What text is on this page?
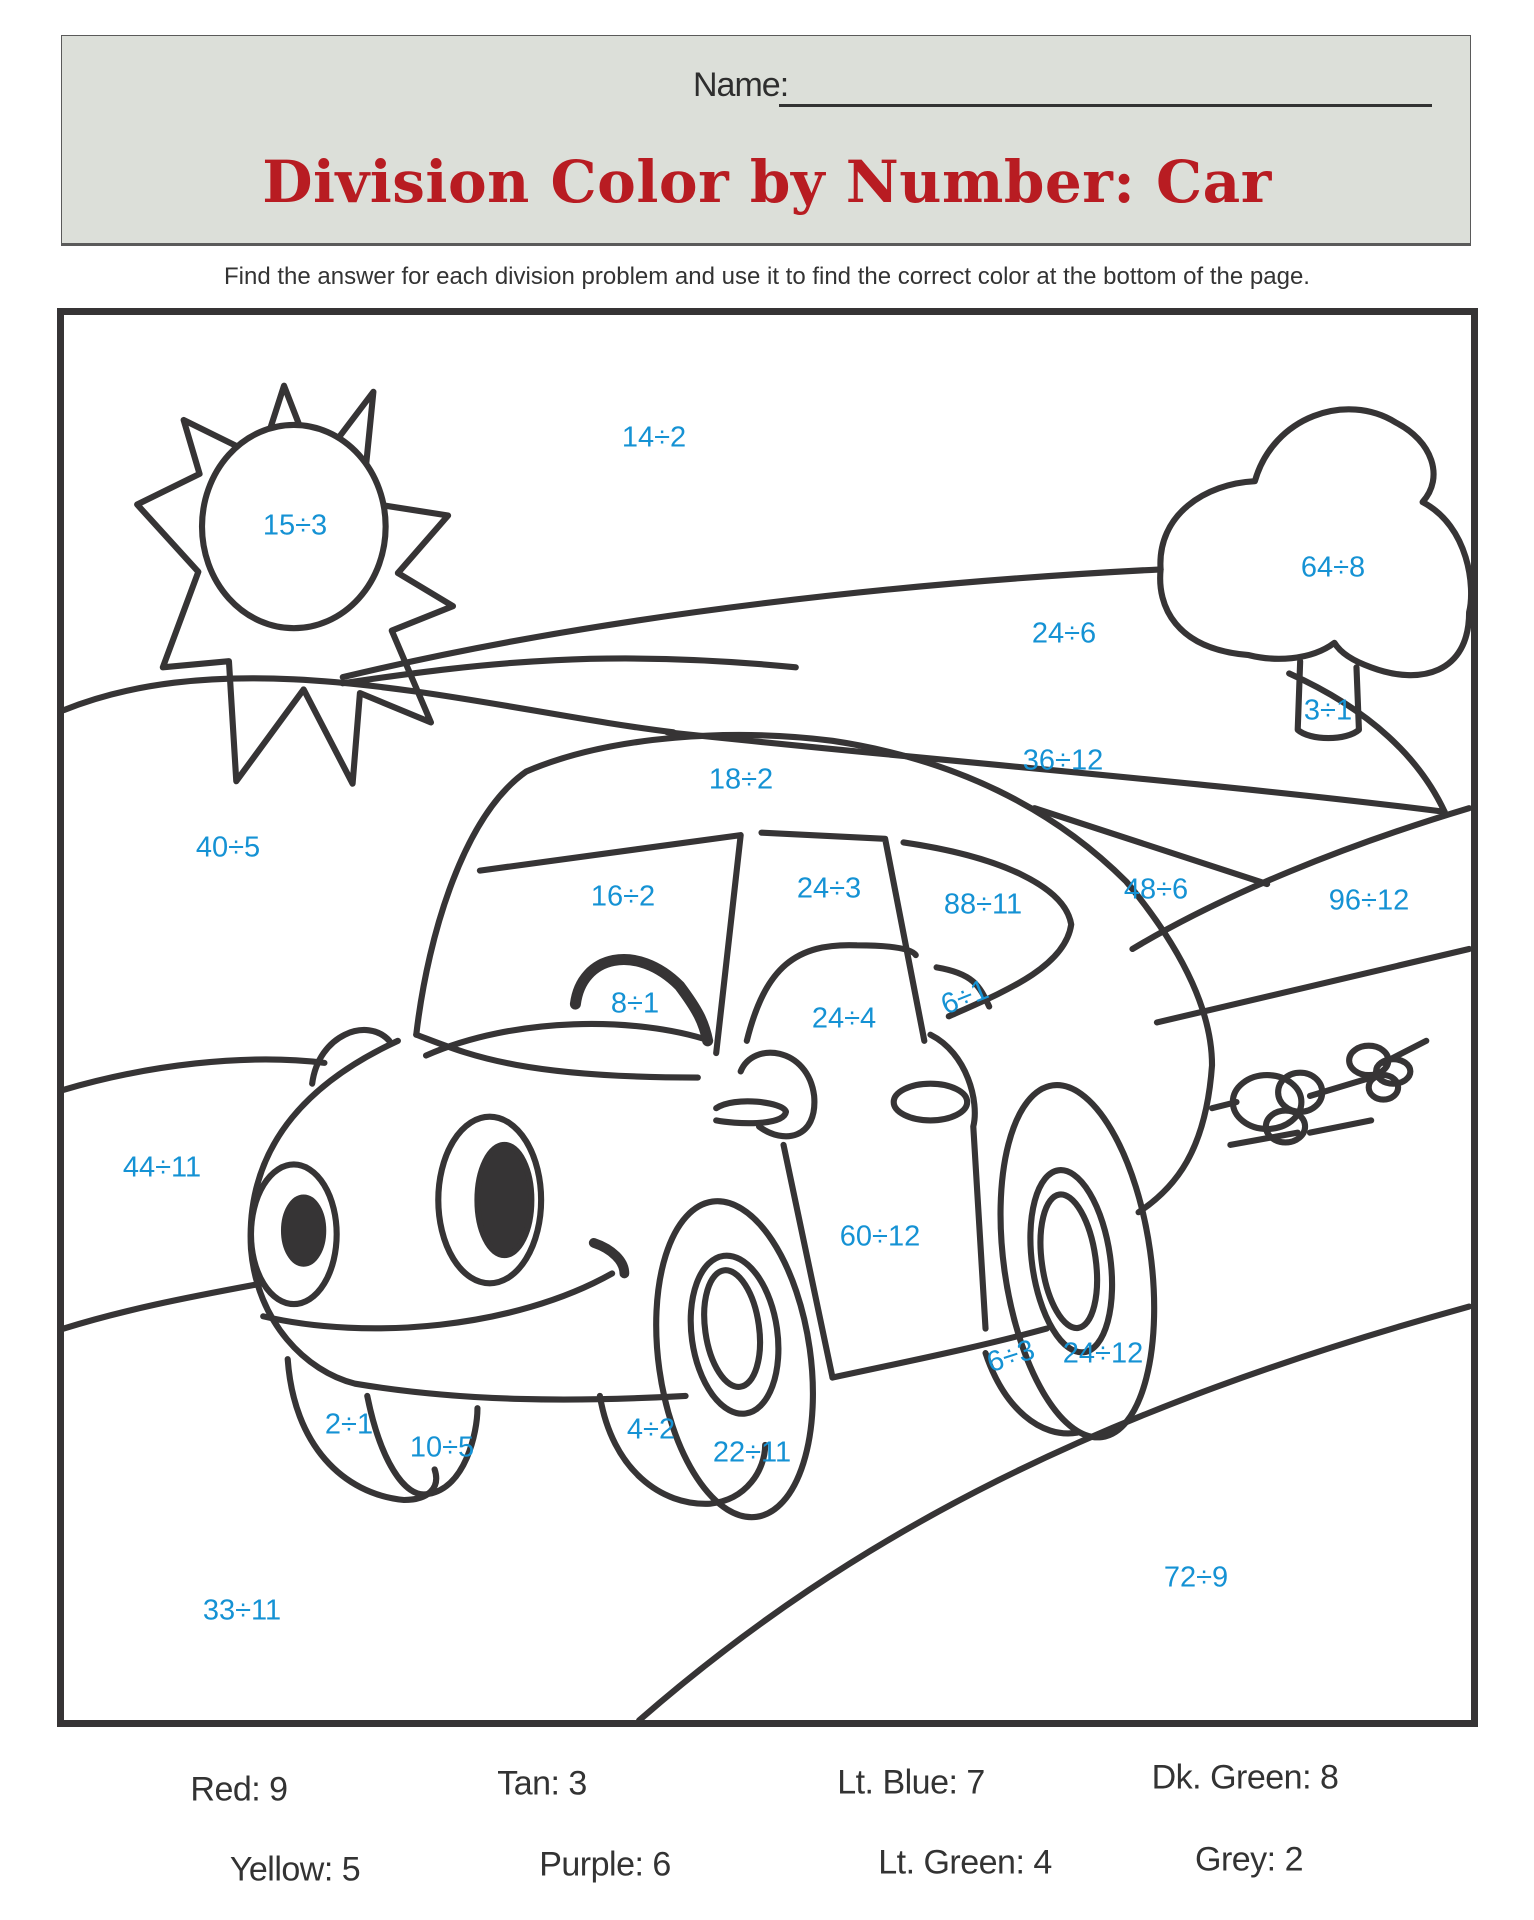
Name:
Division Color by Number: Car
Find the answer for each division problem and use it to find the correct color at the bottom of the page.
14÷2
15÷3
64÷8
24÷6
3÷1
36÷12
18÷2
40÷5
16÷2	24÷3	88÷11	48÷6	96÷12
8÷1	24÷4 6÷1
44÷11
60÷12
6÷3 24÷12
2÷1
10÷5
4÷2
22÷11
33÷11
72÷9
Red: 9	Tan: 3	Lt. Blue: 7	Dk. Green: 8
Yellow: 5	Purple: 6	Lt. Green: 4	Grey: 2
